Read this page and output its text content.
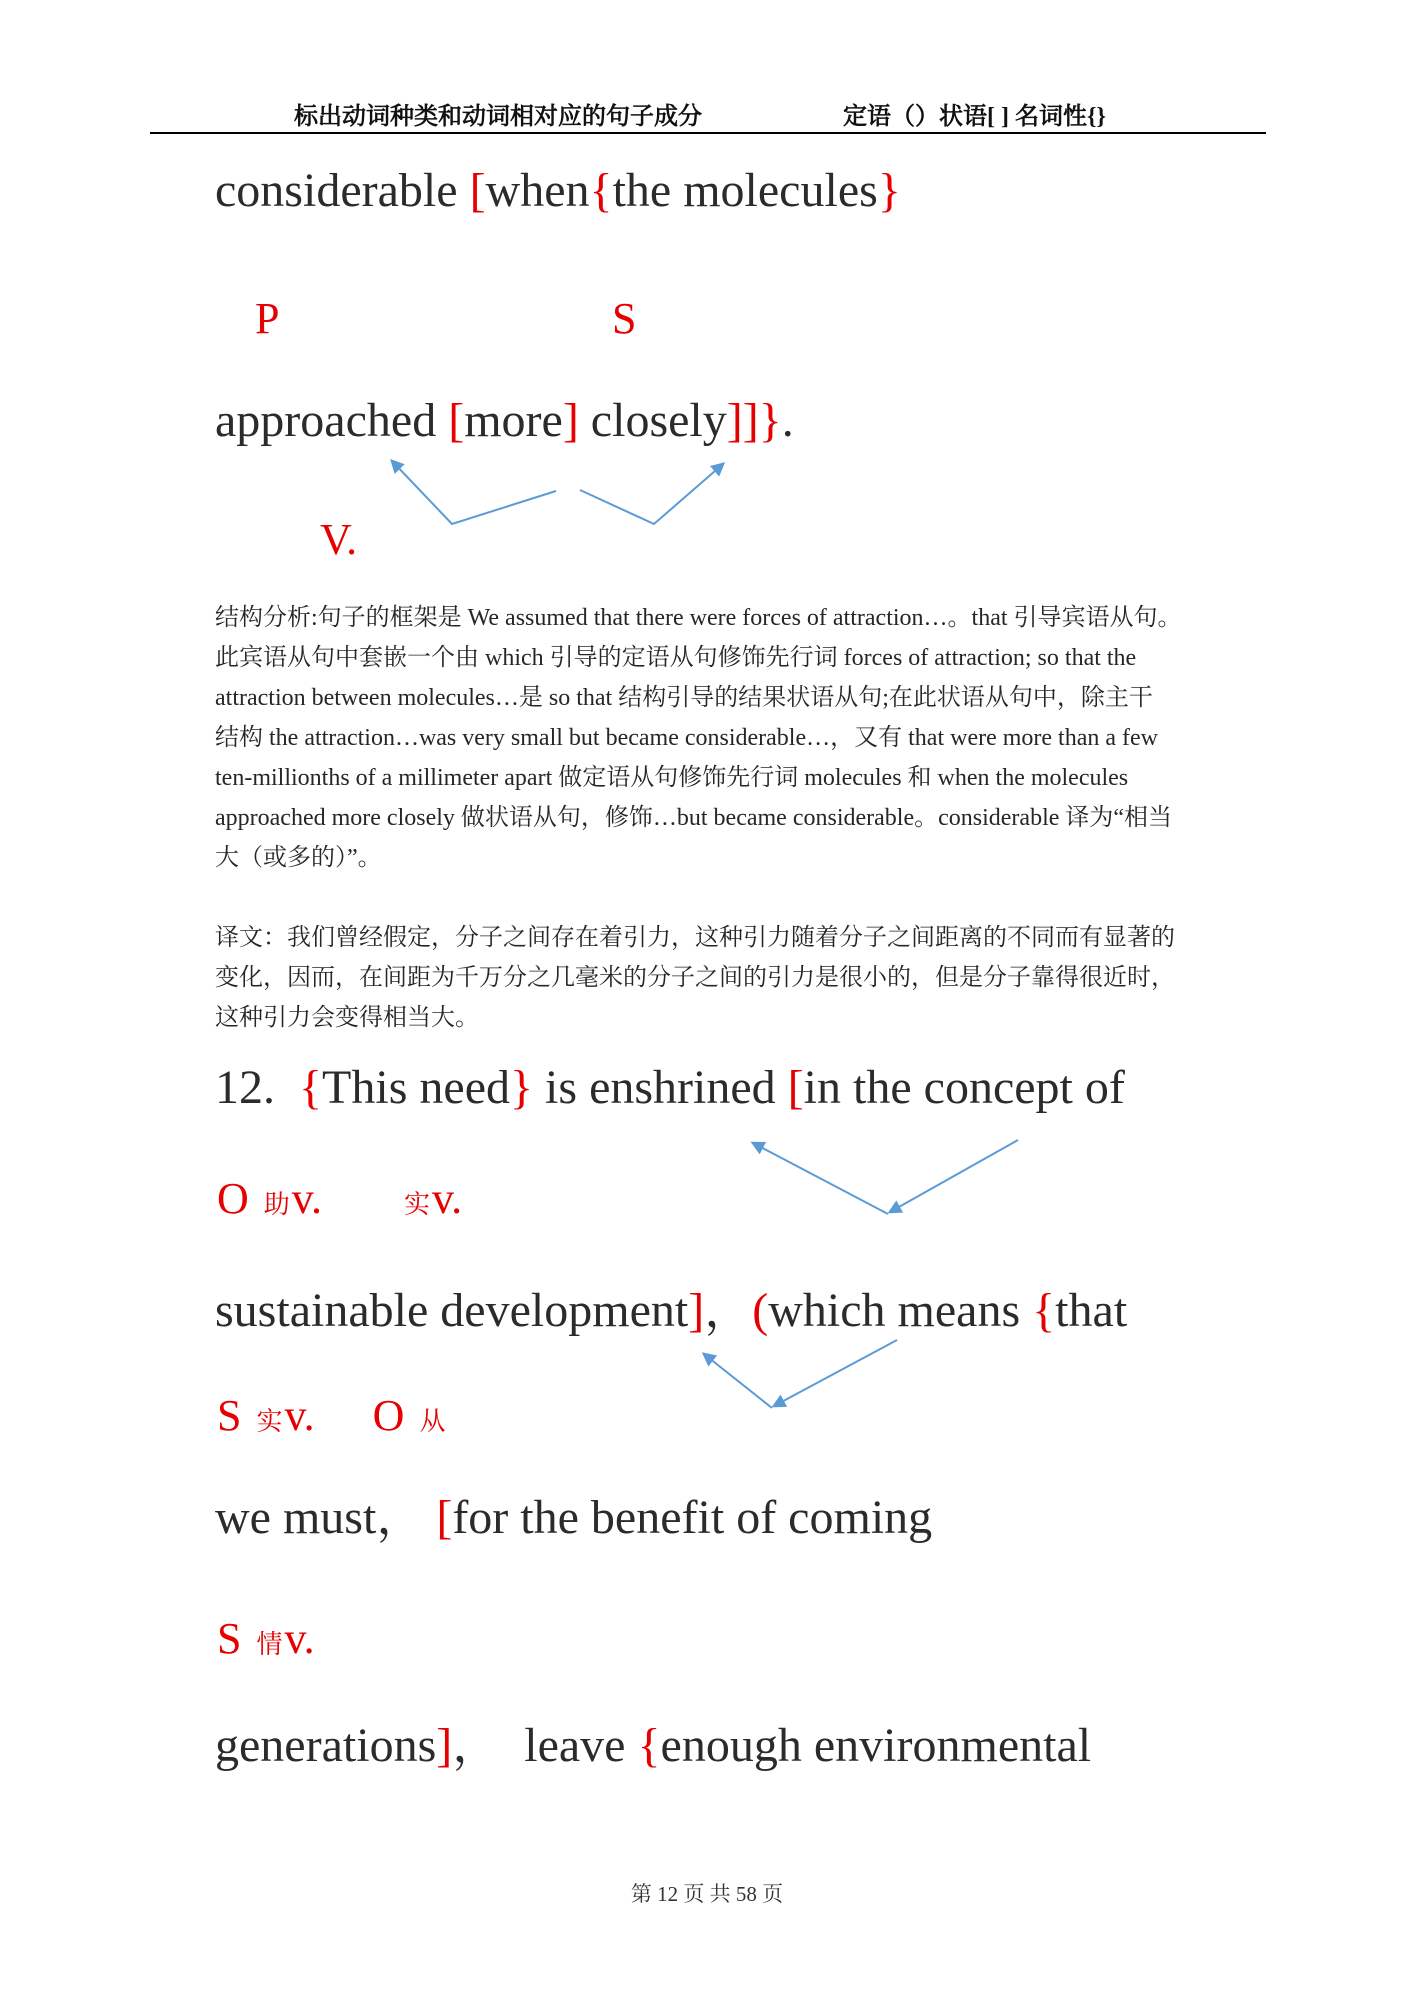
标出动词种类和动词相对应的句子成分	定语（）状语[ ] 名词性{}
considerable [when{the molecules}
P	S
approached [more] closely]]}.
V.
结构分析:句子的框架是 We assumed that there were forces of attraction…。that 引导宾语从句。
此宾语从句中套嵌一个由 which 引导的定语从句修饰先行词 forces of attraction; so that the
attraction between molecules…是 so that 结构引导的结果状语从句;在此状语从句中，除主干
结构 the attraction…was very small but became considerable…，又有 that were more than a few
ten-millionths of a millimeter apart 做定语从句修饰先行词 molecules 和 when the molecules
approached more closely 做状语从句，修饰…but became considerable。considerable 译为“相当
大（或多的）”。
译文：我们曾经假定，分子之间存在着引力，这种引力随着分子之间距离的不同而有显著的
变化，因而，在间距为千万分之几毫米的分子之间的引力是很小的，但是分子靠得很近时，
这种引力会变得相当大。
12.  {This need} is enshrined [in the concept of
O 助v.	实v.
sustainable development]，(which means {that
S 实v. O 从
we must， [for the benefit of coming
S 情v.
generations]，  leave {enough environmental
第 12 页 共 58 页
